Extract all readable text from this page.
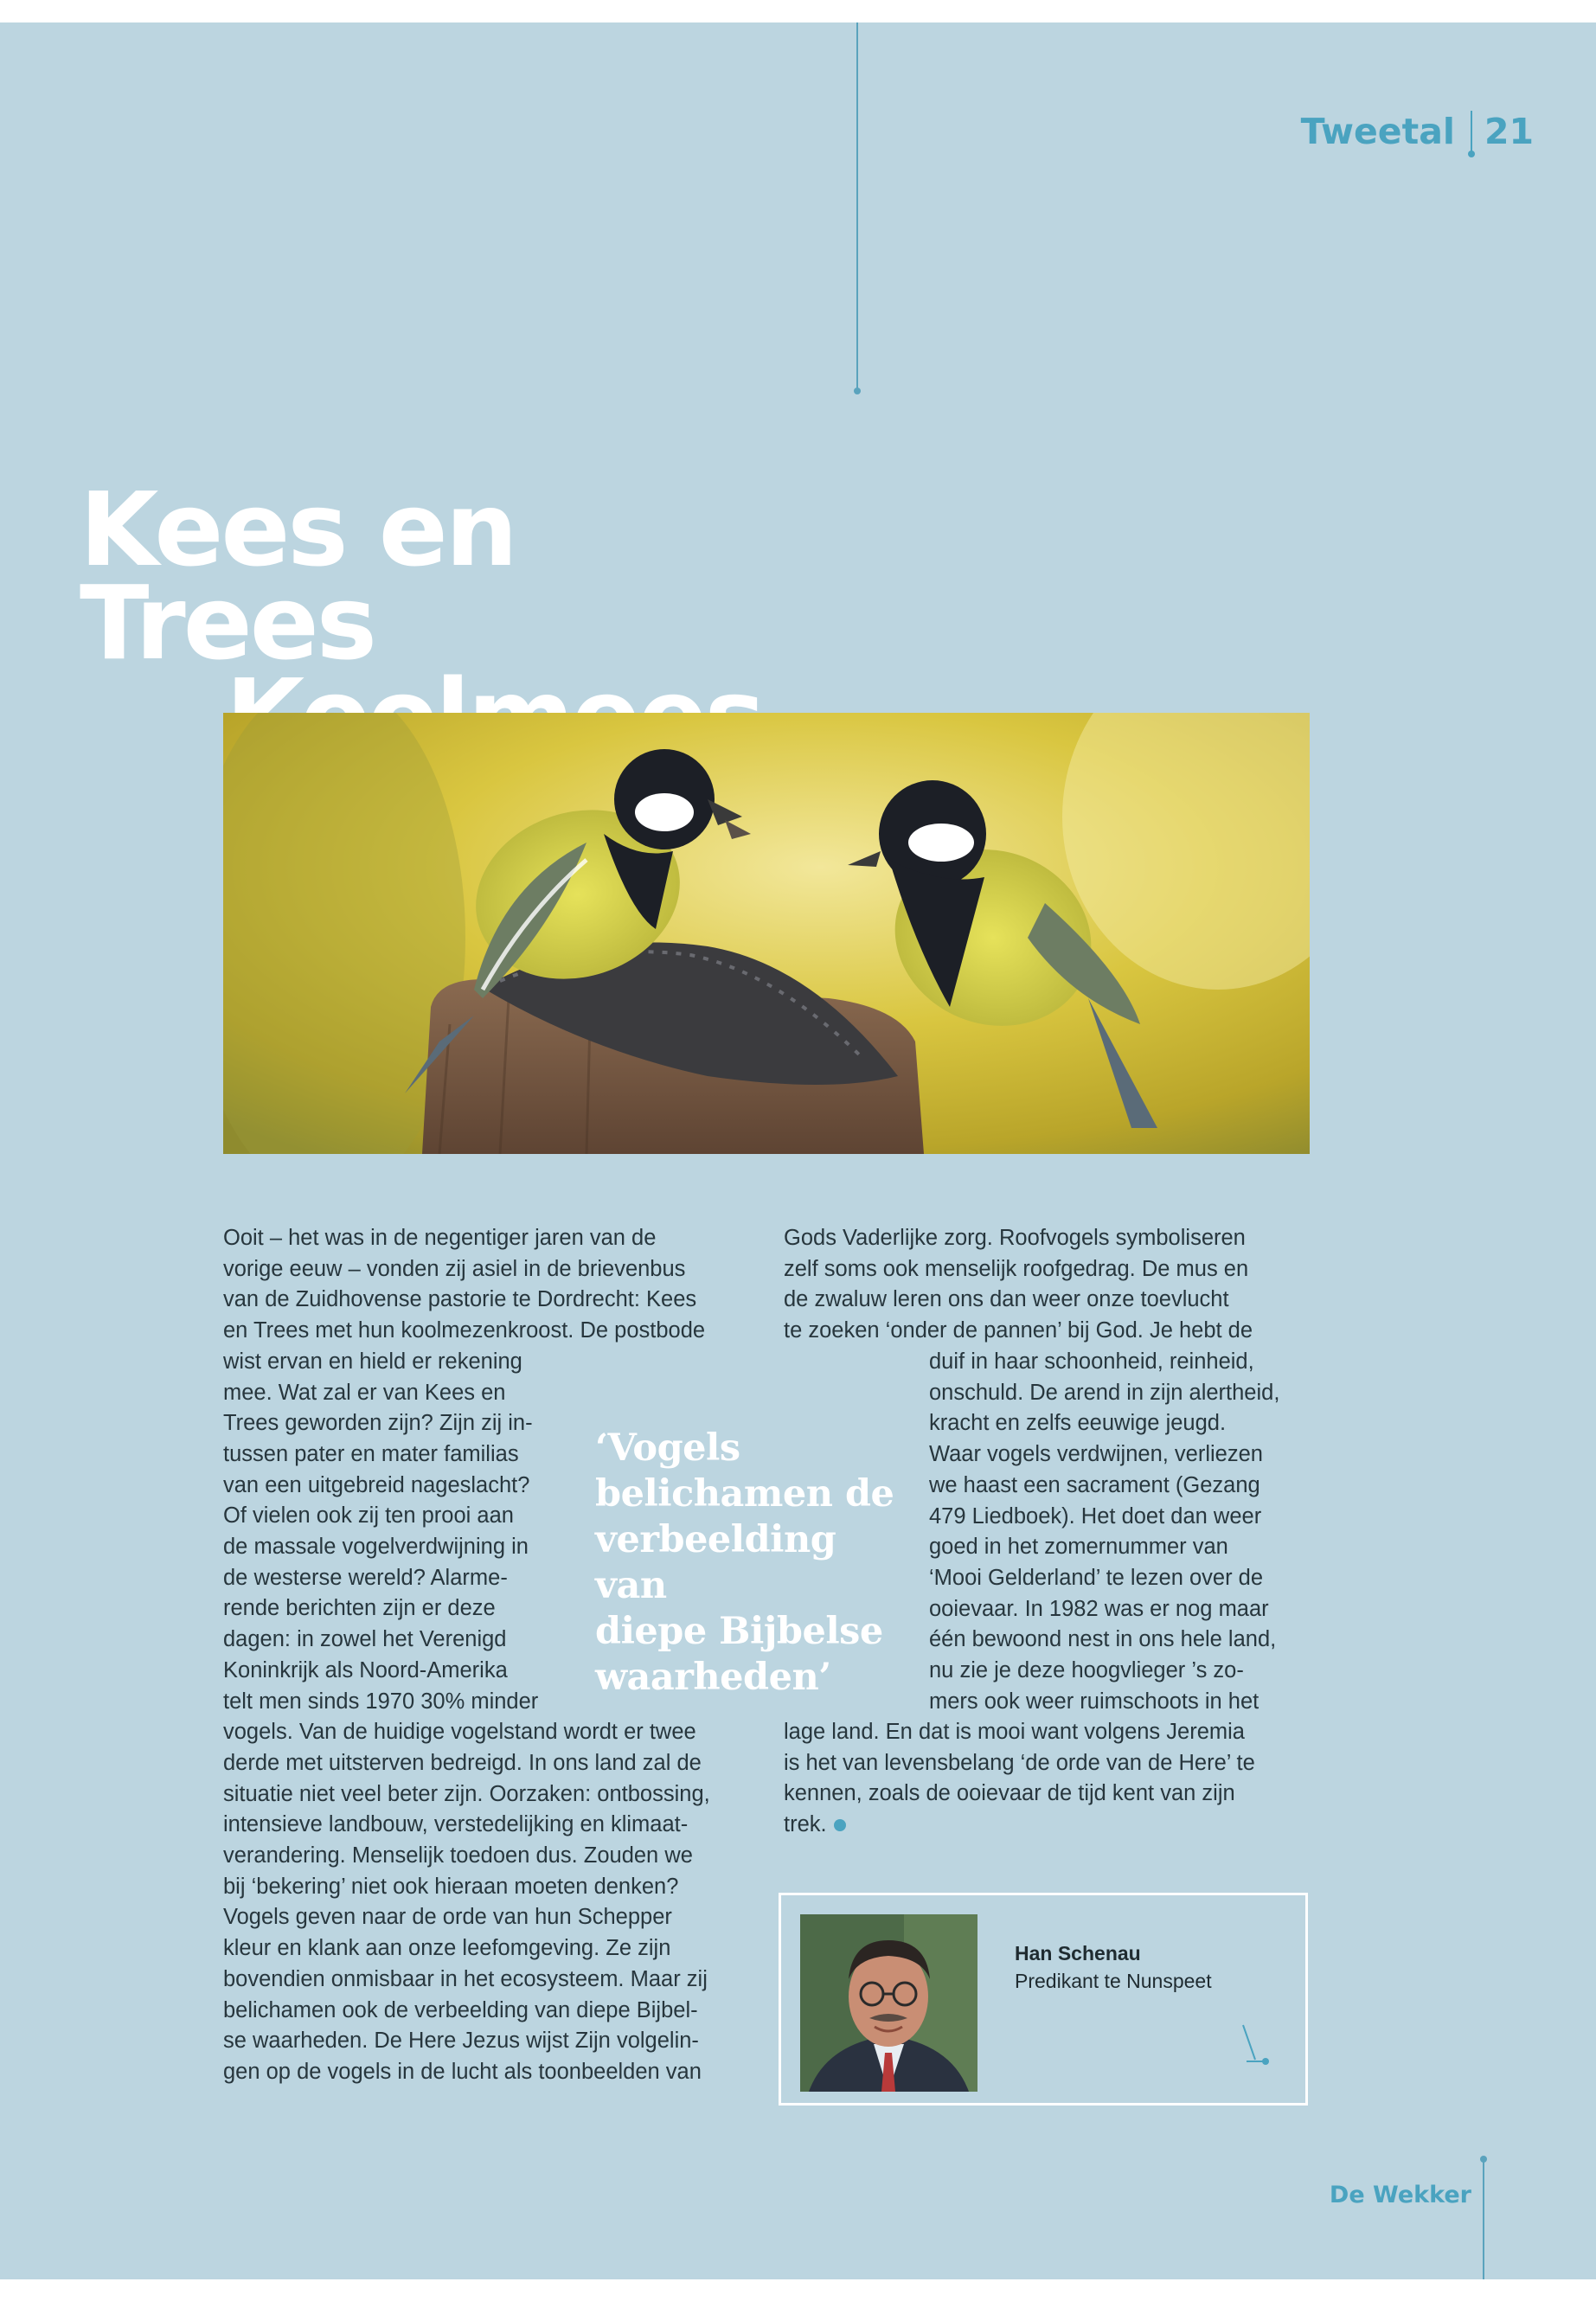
Tweetal 21
Kees en Trees
Ooit – het was in de negentiger jaren van de
vorige eeuw – vonden zij asiel in de brievenbus
van de Zuidhovense pastorie te Dordrecht: Kees
en Trees met hun koolmezenkroost. De postbode
wist ervan en hield er rekening
mee. Wat zal er van Kees en
Trees geworden zijn? Zijn zij in-
tussen pater en mater familias
van een uitgebreid nageslacht?
Of vielen ook zij ten prooi aan
de massale vogelverdwijning in
de westerse wereld? Alarme-
rende berichten zijn er deze
dagen: in zowel het Verenigd
Koninkrijk als Noord-Amerika
telt men sinds 1970 30% minder
vogels. Van de huidige vogelstand wordt er twee
derde met uitsterven bedreigd. In ons land zal de
situatie niet veel beter zijn. Oorzaken: ontbossing,
intensieve landbouw, verstedelijking en klimaat-
verandering. Menselijk toedoen dus. Zouden we
bij ‘bekering’ niet ook hieraan moeten denken?
Vogels geven naar de orde van hun Schepper
kleur en klank aan onze leefomgeving. Ze zijn
bovendien onmisbaar in het ecosysteem. Maar zij
belichamen ook de verbeelding van diepe Bijbel-
se waarheden. De Here Jezus wijst Zijn volgelin-
gen op de vogels in de lucht als toonbeelden van
‘Vogels
belichamen de
verbeelding van
diepe Bijbelse
waarheden’
Gods Vaderlijke zorg. Roofvogels symboliseren
zelf soms ook menselijk roofgedrag. De mus en
de zwaluw leren ons dan weer onze toevlucht
te zoeken ‘onder de pannen’ bij God. Je hebt de
duif in haar schoonheid, reinheid,
onschuld. De arend in zijn alertheid,
kracht en zelfs eeuwige jeugd.
Waar vogels verdwijnen, verliezen
we haast een sacrament (Gezang
479 Liedboek). Het doet dan weer
goed in het zomernummer van
‘Mooi Gelderland’ te lezen over de
ooievaar. In 1982 was er nog maar
één bewoond nest in ons hele land,
nu zie je deze hoogvlieger ’s zo-
mers ook weer ruimschoots in het
lage land. En dat is mooi want volgens Jeremia
is het van levensbelang ‘de orde van de Here’ te
kennen, zoals de ooievaar de tijd kent van zijn
trek.
Han Schenau
Predikant te Nunspeet
De Wekker
